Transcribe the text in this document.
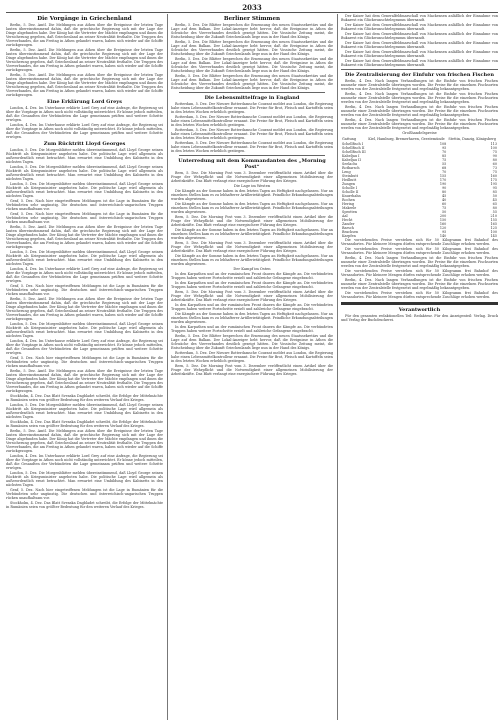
2033
Die Vorgänge in Griechenland

Berlin, 5. Dez. Amtl. Die Meldungen aus Athen über die Ereignisse der letzten Tage lauten übereinstimmend dahin, daß die griechische Regierung sich mit der Lage der Dinge abgefunden habe. Der König hat die Vertreter der Mächte empfangen und ihnen die Versicherung gegeben, daß Griechenland an seiner Neutralität festhalte. Die Truppen des Vierverbandes, die am Freitag in Athen gelandet waren, haben sich wieder auf die Schiffe zurückgezogen.

Berlin, 5. Dez. Amtl. Die Meldungen aus Athen über die Ereignisse der letzten Tage lauten übereinstimmend dahin, daß die griechische Regierung sich mit der Lage der Dinge abgefunden habe. Der König hat die Vertreter der Mächte empfangen und ihnen die Versicherung gegeben, daß Griechenland an seiner Neutralität festhalte. Die Truppen des Vierverbandes, die am Freitag in Athen gelandet waren, haben sich wieder auf die Schiffe zurückgezogen.

Berlin, 5. Dez. Amtl. Die Meldungen aus Athen über die Ereignisse der letzten Tage lauten übereinstimmend dahin, daß die griechische Regierung sich mit der Lage der Dinge abgefunden habe. Der König hat die Vertreter der Mächte empfangen und ihnen die Versicherung gegeben, daß Griechenland an seiner Neutralität festhalte. Die Truppen des Vierverbandes, die am Freitag in Athen gelandet waren, haben sich wieder auf die Schiffe zurückgezogen.

Eine Erklärung Lord Greys

London, 4. Dez. Im Unterhause erklärte Lord Grey auf eine Anfrage, die Regierung sei über die Vorgänge in Athen noch nicht vollständig unterrichtet. Er könne jedoch mitteilen, daß die Gesandten der Verbündeten die Lage gemeinsam prüften und weitere Schritte erwögen.

London, 4. Dez. Im Unterhause erklärte Lord Grey auf eine Anfrage, die Regierung sei über die Vorgänge in Athen noch nicht vollständig unterrichtet. Er könne jedoch mitteilen, daß die Gesandten der Verbündeten die Lage gemeinsam prüften und weitere Schritte erwögen.

Zum Rücktritt Lloyd Georges

London, 5. Dez. Die Morgenblätter melden übereinstimmend, daß Lloyd George seinen Rücktritt als Kriegsminister angeboten habe. Die politische Lage wird allgemein als außerordentlich ernst betrachtet. Man erwartet eine Umbildung des Kabinetts in den nächsten Tagen.

London, 5. Dez. Die Morgenblätter melden übereinstimmend, daß Lloyd George seinen Rücktritt als Kriegsminister angeboten habe. Die politische Lage wird allgemein als außerordentlich ernst betrachtet. Man erwartet eine Umbildung des Kabinetts in den nächsten Tagen.

London, 5. Dez. Die Morgenblätter melden übereinstimmend, daß Lloyd George seinen Rücktritt als Kriegsminister angeboten habe. Die politische Lage wird allgemein als außerordentlich ernst betrachtet. Man erwartet eine Umbildung des Kabinetts in den nächsten Tagen.

Genf, 5. Dez. Nach hier eingetroffenen Meldungen ist die Lage in Rumänien für die Verbündeten sehr ungünstig. Die deutschen und österreichisch-ungarischen Truppen rücken unaufhaltsam vor.

Genf, 5. Dez. Nach hier eingetroffenen Meldungen ist die Lage in Rumänien für die Verbündeten sehr ungünstig. Die deutschen und österreichisch-ungarischen Truppen rücken unaufhaltsam vor.

Berlin, 5. Dez. Amtl. Die Meldungen aus Athen über die Ereignisse der letzten Tage lauten übereinstimmend dahin, daß die griechische Regierung sich mit der Lage der Dinge abgefunden habe. Der König hat die Vertreter der Mächte empfangen und ihnen die Versicherung gegeben, daß Griechenland an seiner Neutralität festhalte. Die Truppen des Vierverbandes, die am Freitag in Athen gelandet waren, haben sich wieder auf die Schiffe zurückgezogen.

London, 5. Dez. Die Morgenblätter melden übereinstimmend, daß Lloyd George seinen Rücktritt als Kriegsminister angeboten habe. Die politische Lage wird allgemein als außerordentlich ernst betrachtet. Man erwartet eine Umbildung des Kabinetts in den nächsten Tagen.

London, 4. Dez. Im Unterhause erklärte Lord Grey auf eine Anfrage, die Regierung sei über die Vorgänge in Athen noch nicht vollständig unterrichtet. Er könne jedoch mitteilen, daß die Gesandten der Verbündeten die Lage gemeinsam prüften und weitere Schritte erwögen.

Genf, 5. Dez. Nach hier eingetroffenen Meldungen ist die Lage in Rumänien für die Verbündeten sehr ungünstig. Die deutschen und österreichisch-ungarischen Truppen rücken unaufhaltsam vor.

Berlin, 5. Dez. Amtl. Die Meldungen aus Athen über die Ereignisse der letzten Tage lauten übereinstimmend dahin, daß die griechische Regierung sich mit der Lage der Dinge abgefunden habe. Der König hat die Vertreter der Mächte empfangen und ihnen die Versicherung gegeben, daß Griechenland an seiner Neutralität festhalte. Die Truppen des Vierverbandes, die am Freitag in Athen gelandet waren, haben sich wieder auf die Schiffe zurückgezogen.

London, 5. Dez. Die Morgenblätter melden übereinstimmend, daß Lloyd George seinen Rücktritt als Kriegsminister angeboten habe. Die politische Lage wird allgemein als außerordentlich ernst betrachtet. Man erwartet eine Umbildung des Kabinetts in den nächsten Tagen.

London, 4. Dez. Im Unterhause erklärte Lord Grey auf eine Anfrage, die Regierung sei über die Vorgänge in Athen noch nicht vollständig unterrichtet. Er könne jedoch mitteilen, daß die Gesandten der Verbündeten die Lage gemeinsam prüften und weitere Schritte erwögen.

Genf, 5. Dez. Nach hier eingetroffenen Meldungen ist die Lage in Rumänien für die Verbündeten sehr ungünstig. Die deutschen und österreichisch-ungarischen Truppen rücken unaufhaltsam vor.

Berlin, 5. Dez. Amtl. Die Meldungen aus Athen über die Ereignisse der letzten Tage lauten übereinstimmend dahin, daß die griechische Regierung sich mit der Lage der Dinge abgefunden habe. Der König hat die Vertreter der Mächte empfangen und ihnen die Versicherung gegeben, daß Griechenland an seiner Neutralität festhalte. Die Truppen des Vierverbandes, die am Freitag in Athen gelandet waren, haben sich wieder auf die Schiffe zurückgezogen.

Stockholm, 4. Dez. Das Blatt Svenska Dagbladet schreibt, die Erfolge der Mittelmächte in Rumänien seien von größter Bedeutung für den weiteren Verlauf des Krieges.

London, 5. Dez. Die Morgenblätter melden übereinstimmend, daß Lloyd George seinen Rücktritt als Kriegsminister angeboten habe. Die politische Lage wird allgemein als außerordentlich ernst betrachtet. Man erwartet eine Umbildung des Kabinetts in den nächsten Tagen.

Stockholm, 4. Dez. Das Blatt Svenska Dagbladet schreibt, die Erfolge der Mittelmächte in Rumänien seien von größter Bedeutung für den weiteren Verlauf des Krieges.

Berlin, 5. Dez. Amtl. Die Meldungen aus Athen über die Ereignisse der letzten Tage lauten übereinstimmend dahin, daß die griechische Regierung sich mit der Lage der Dinge abgefunden habe. Der König hat die Vertreter der Mächte empfangen und ihnen die Versicherung gegeben, daß Griechenland an seiner Neutralität festhalte. Die Truppen des Vierverbandes, die am Freitag in Athen gelandet waren, haben sich wieder auf die Schiffe zurückgezogen.

London, 4. Dez. Im Unterhause erklärte Lord Grey auf eine Anfrage, die Regierung sei über die Vorgänge in Athen noch nicht vollständig unterrichtet. Er könne jedoch mitteilen, daß die Gesandten der Verbündeten die Lage gemeinsam prüften und weitere Schritte erwögen.

London, 5. Dez. Die Morgenblätter melden übereinstimmend, daß Lloyd George seinen Rücktritt als Kriegsminister angeboten habe. Die politische Lage wird allgemein als außerordentlich ernst betrachtet. Man erwartet eine Umbildung des Kabinetts in den nächsten Tagen.

Genf, 5. Dez. Nach hier eingetroffenen Meldungen ist die Lage in Rumänien für die Verbündeten sehr ungünstig. Die deutschen und österreichisch-ungarischen Truppen rücken unaufhaltsam vor.

Stockholm, 4. Dez. Das Blatt Svenska Dagbladet schreibt, die Erfolge der Mittelmächte in Rumänien seien von größter Bedeutung für den weiteren Verlauf des Krieges.

Berliner Stimmen

Berlin, 5. Dez. Die Blätter besprechen die Ernennung des neuen Staatssekretärs und die Lage auf dem Balkan. Der Lokal-Anzeiger hebt hervor, daß die Ereignisse in Athen die Schwäche des Vierverbandes deutlich gezeigt hätten. Die Vossische Zeitung meint, die Entscheidung über die Zukunft Griechenlands liege nun in der Hand des Königs.

Berlin, 5. Dez. Die Blätter besprechen die Ernennung des neuen Staatssekretärs und die Lage auf dem Balkan. Der Lokal-Anzeiger hebt hervor, daß die Ereignisse in Athen die Schwäche des Vierverbandes deutlich gezeigt hätten. Die Vossische Zeitung meint, die Entscheidung über die Zukunft Griechenlands liege nun in der Hand des Königs.

Berlin, 5. Dez. Die Blätter besprechen die Ernennung des neuen Staatssekretärs und die Lage auf dem Balkan. Der Lokal-Anzeiger hebt hervor, daß die Ereignisse in Athen die Schwäche des Vierverbandes deutlich gezeigt hätten. Die Vossische Zeitung meint, die Entscheidung über die Zukunft Griechenlands liege nun in der Hand des Königs.

Berlin, 5. Dez. Die Blätter besprechen die Ernennung des neuen Staatssekretärs und die Lage auf dem Balkan. Der Lokal-Anzeiger hebt hervor, daß die Ereignisse in Athen die Schwäche des Vierverbandes deutlich gezeigt hätten. Die Vossische Zeitung meint, die Entscheidung über die Zukunft Griechenlands liege nun in der Hand des Königs.

Die Lebensmittelfrage in England

Rotterdam, 5. Dez. Der Nieuwe Rotterdamsche Courant meldet aus London, die Regierung habe einen Lebensmittelkontrolleur ernannt. Die Preise für Brot, Fleisch und Kartoffeln seien in den letzten Wochen erheblich gestiegen.

Rotterdam, 5. Dez. Der Nieuwe Rotterdamsche Courant meldet aus London, die Regierung habe einen Lebensmittelkontrolleur ernannt. Die Preise für Brot, Fleisch und Kartoffeln seien in den letzten Wochen erheblich gestiegen.

Rotterdam, 5. Dez. Der Nieuwe Rotterdamsche Courant meldet aus London, die Regierung habe einen Lebensmittelkontrolleur ernannt. Die Preise für Brot, Fleisch und Kartoffeln seien in den letzten Wochen erheblich gestiegen.

Rotterdam, 5. Dez. Der Nieuwe Rotterdamsche Courant meldet aus London, die Regierung habe einen Lebensmittelkontrolleur ernannt. Die Preise für Brot, Fleisch und Kartoffeln seien in den letzten Wochen erheblich gestiegen.

Unterredung mit dem Kommandanten des „Morning Post“

Bern, 5. Dez. Die Morning Post vom 3. Dezember veröffentlicht einen Artikel über die Frage der Wehrpflicht und die Notwendigkeit einer allgemeinen Mobilisierung der Arbeitskräfte. Das Blatt verlangt eine energischere Führung des Krieges.

Die Lage im Westen

Die Kämpfe an der Somme haben in den letzten Tagen an Heftigkeit nachgelassen. Nur an einzelnen Stellen kam es zu lebhafterer Artillerietätigkeit. Feindliche Erkundungsabteilungen wurden abgewiesen.

Die Kämpfe an der Somme haben in den letzten Tagen an Heftigkeit nachgelassen. Nur an einzelnen Stellen kam es zu lebhafterer Artillerietätigkeit. Feindliche Erkundungsabteilungen wurden abgewiesen.

Bern, 5. Dez. Die Morning Post vom 3. Dezember veröffentlicht einen Artikel über die Frage der Wehrpflicht und die Notwendigkeit einer allgemeinen Mobilisierung der Arbeitskräfte. Das Blatt verlangt eine energischere Führung des Krieges.

Die Kämpfe an der Somme haben in den letzten Tagen an Heftigkeit nachgelassen. Nur an einzelnen Stellen kam es zu lebhafterer Artillerietätigkeit. Feindliche Erkundungsabteilungen wurden abgewiesen.

Bern, 5. Dez. Die Morning Post vom 3. Dezember veröffentlicht einen Artikel über die Frage der Wehrpflicht und die Notwendigkeit einer allgemeinen Mobilisierung der Arbeitskräfte. Das Blatt verlangt eine energischere Führung des Krieges.

Die Kämpfe an der Somme haben in den letzten Tagen an Heftigkeit nachgelassen. Nur an einzelnen Stellen kam es zu lebhafterer Artillerietätigkeit. Feindliche Erkundungsabteilungen wurden abgewiesen.

Der Kampf im Osten

In den Karpathen und an der rumänischen Front dauern die Kämpfe an. Die verbündeten Truppen haben weitere Fortschritte erzielt und zahlreiche Gefangene eingebracht.

In den Karpathen und an der rumänischen Front dauern die Kämpfe an. Die verbündeten Truppen haben weitere Fortschritte erzielt und zahlreiche Gefangene eingebracht.

Bern, 5. Dez. Die Morning Post vom 3. Dezember veröffentlicht einen Artikel über die Frage der Wehrpflicht und die Notwendigkeit einer allgemeinen Mobilisierung der Arbeitskräfte. Das Blatt verlangt eine energischere Führung des Krieges.

In den Karpathen und an der rumänischen Front dauern die Kämpfe an. Die verbündeten Truppen haben weitere Fortschritte erzielt und zahlreiche Gefangene eingebracht.

Die Kämpfe an der Somme haben in den letzten Tagen an Heftigkeit nachgelassen. Nur an einzelnen Stellen kam es zu lebhafterer Artillerietätigkeit. Feindliche Erkundungsabteilungen wurden abgewiesen.

In den Karpathen und an der rumänischen Front dauern die Kämpfe an. Die verbündeten Truppen haben weitere Fortschritte erzielt und zahlreiche Gefangene eingebracht.

Berlin, 5. Dez. Die Blätter besprechen die Ernennung des neuen Staatssekretärs und die Lage auf dem Balkan. Der Lokal-Anzeiger hebt hervor, daß die Ereignisse in Athen die Schwäche des Vierverbandes deutlich gezeigt hätten. Die Vossische Zeitung meint, die Entscheidung über die Zukunft Griechenlands liege nun in der Hand des Königs.

Rotterdam, 5. Dez. Der Nieuwe Rotterdamsche Courant meldet aus London, die Regierung habe einen Lebensmittelkontrolleur ernannt. Die Preise für Brot, Fleisch und Kartoffeln seien in den letzten Wochen erheblich gestiegen.

Bern, 5. Dez. Die Morning Post vom 3. Dezember veröffentlicht einen Artikel über die Frage der Wehrpflicht und die Notwendigkeit einer allgemeinen Mobilisierung der Arbeitskräfte. Das Blatt verlangt eine energischere Führung des Krieges.

Der Kaiser hat dem Generalfeldmarschall von Mackensen anläßlich der Einnahme von Bukarest ein Glückwunschtelegramm übersandt.

Der Kaiser hat dem Generalfeldmarschall von Mackensen anläßlich der Einnahme von Bukarest ein Glückwunschtelegramm übersandt.

Der Kaiser hat dem Generalfeldmarschall von Mackensen anläßlich der Einnahme von Bukarest ein Glückwunschtelegramm übersandt.

Der Kaiser hat dem Generalfeldmarschall von Mackensen anläßlich der Einnahme von Bukarest ein Glückwunschtelegramm übersandt.

Der Kaiser hat dem Generalfeldmarschall von Mackensen anläßlich der Einnahme von Bukarest ein Glückwunschtelegramm übersandt.

Der Kaiser hat dem Generalfeldmarschall von Mackensen anläßlich der Einnahme von Bukarest ein Glückwunschtelegramm übersandt.

Die Zentralisierung der Einfuhr von frischen Fischen

Berlin, 4. Dez. Nach langen Verhandlungen ist die Einfuhr von frischen Fischen nunmehr einer Zentralstelle übertragen worden. Die Preise für die einzelnen Fischsorten werden von der Zentralstelle festgesetzt und regelmäßig bekanntgegeben.

Berlin, 4. Dez. Nach langen Verhandlungen ist die Einfuhr von frischen Fischen nunmehr einer Zentralstelle übertragen worden. Die Preise für die einzelnen Fischsorten werden von der Zentralstelle festgesetzt und regelmäßig bekanntgegeben.

Berlin, 4. Dez. Nach langen Verhandlungen ist die Einfuhr von frischen Fischen nunmehr einer Zentralstelle übertragen worden. Die Preise für die einzelnen Fischsorten werden von der Zentralstelle festgesetzt und regelmäßig bekanntgegeben.

Berlin, 4. Dez. Nach langen Verhandlungen ist die Einfuhr von frischen Fischen nunmehr einer Zentralstelle übertragen worden. Die Preise für die einzelnen Fischsorten werden von der Zentralstelle festgesetzt und regelmäßig bekanntgegeben.

Großhandelspreise
Gattung	Kiel, Hamburg, Bremerhaven, Geestemünde	Stettin, Danzig, Königsberg
Schellfisch I	108	113
Schellfisch II	95	100
Schellfisch III	70	75
Kabeljau I	85	90
Kabeljau II	75	80
Seelachs	55	60
Rotbarsch	68	73
Leng	70	75
Steinbutt	155	160
Heilbutt	170	175
Zungen	190	195
Scholle I	90	95
Scholle II	80	85
Knurrhahn	45	50
Rochen	40	45
Hering	60	65
Makrele	75	80
Sprotten	50	55
Aal	200	210
Hecht	150	155
Zander	160	165
Barsch	120	125
Brachsen	95	100
Karpfen	140	145

Die vorstehenden Preise verstehen sich für 50 Kilogramm frei Bahnhof des Versandortes. Für kleinere Mengen dürfen entsprechende Zuschläge erhoben werden.

Die vorstehenden Preise verstehen sich für 50 Kilogramm frei Bahnhof des Versandortes. Für kleinere Mengen dürfen entsprechende Zuschläge erhoben werden.

Berlin, 4. Dez. Nach langen Verhandlungen ist die Einfuhr von frischen Fischen nunmehr einer Zentralstelle übertragen worden. Die Preise für die einzelnen Fischsorten werden von der Zentralstelle festgesetzt und regelmäßig bekanntgegeben.

Die vorstehenden Preise verstehen sich für 50 Kilogramm frei Bahnhof des Versandortes. Für kleinere Mengen dürfen entsprechende Zuschläge erhoben werden.

Berlin, 4. Dez. Nach langen Verhandlungen ist die Einfuhr von frischen Fischen nunmehr einer Zentralstelle übertragen worden. Die Preise für die einzelnen Fischsorten werden von der Zentralstelle festgesetzt und regelmäßig bekanntgegeben.

Die vorstehenden Preise verstehen sich für 50 Kilogramm frei Bahnhof des Versandortes. Für kleinere Mengen dürfen entsprechende Zuschläge erhoben werden.

Verantwortlich

Für den gesamten redaktionellen Teil: Redakteur. Für den Anzeigenteil: Verlag. Druck und Verlag der Buchdruckerei.
